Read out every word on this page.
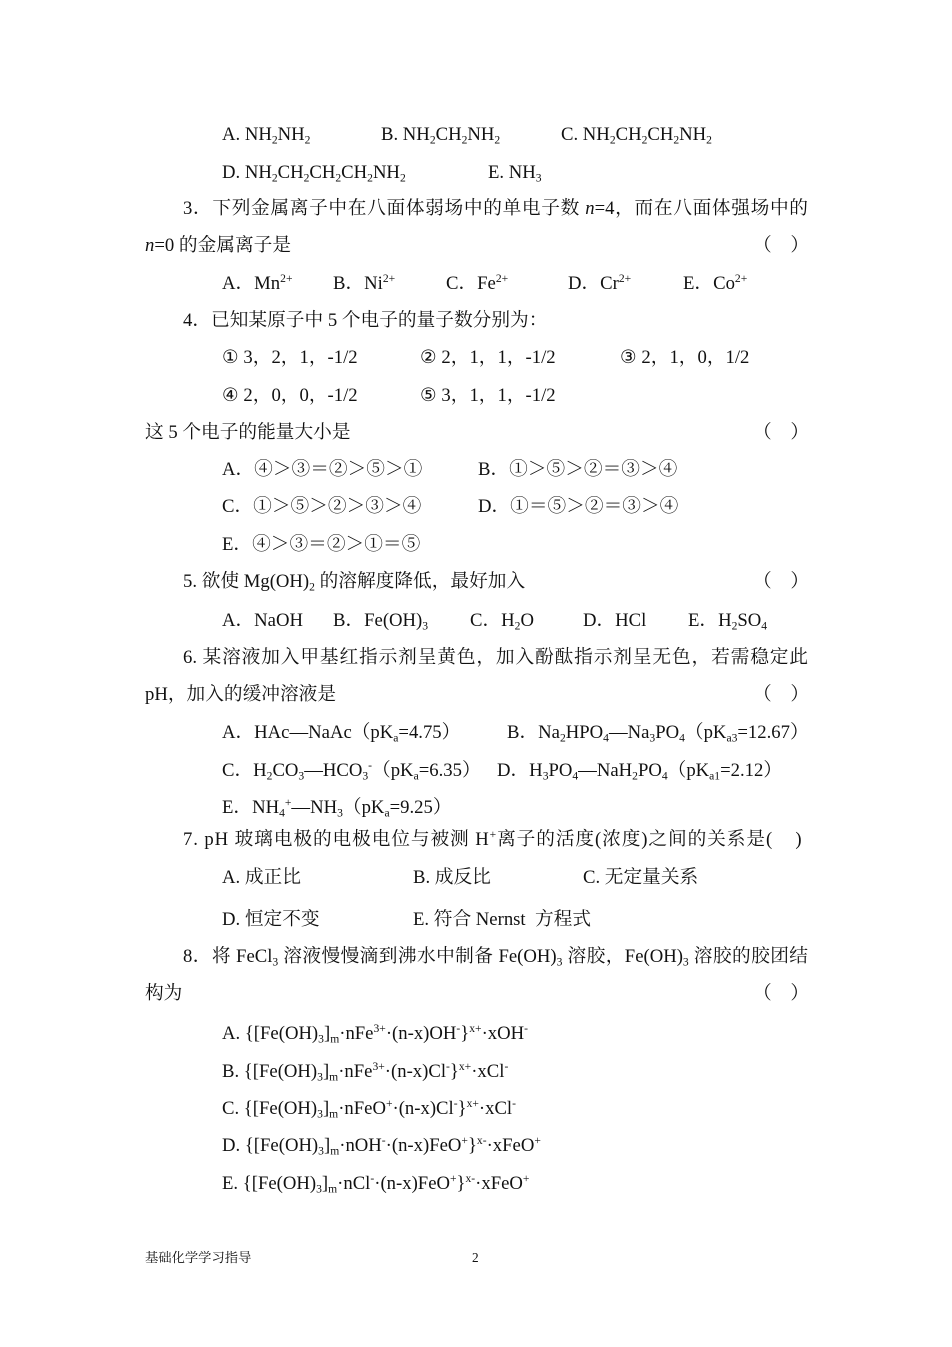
A. $NH_2NH_2$	B. $NH_2CH_2NH_2$	C. $NH_2CH_2CH_2NH_2$
D. $NH_2CH_2CH_2CH_2NH_2$	E. $NH_3$
3．下列金属离子中在八面体弱场中的单电子数 n=4，而在八面体强场中的
n=0 的金属离子是	（    ）
A．$Mn^{2+}$ B．$Ni^{2+}$	C．$Fe^{2+}$	D．$Cr^{2+}$	E．$Co^{2+}$
4．已知某原子中 5 个电子的量子数分别为：
① 3，2，1，-1/2	② 2，1，1，-1/2	③ 2，1，0，1/2
④ 2，0，0，-1/2	⑤ 3，1，1，-1/2
这 5 个电子的能量大小是	（    ）
A．④＞③＝②＞⑤＞①	B．①＞⑤＞②＝③＞④
C．①＞⑤＞②＞③＞④	D．①＝⑤＞②＝③＞④
E．④＞③＝②＞①＝⑤
5. 欲使 $Mg(OH)_2$ 的溶解度降低，最好加入	（    ）
A．NaOH B．$Fe(OH)_3$ C．$H_2O$	D．HCl E．$H_2SO_4$
6. 某溶液加入甲基红指示剂呈黄色，加入酚酞指示剂呈无色，若需稳定此
pH，加入的缓冲溶液是	（    ）
A．$HAc—NaAc(pK_a=4.75)$ B．$Na_2HPO_4—Na_3PO_4(pK_{a3}=12.67)$
C．$H_2CO_3—HCO_3^-(pK_a=6.35)$ D．$H_3PO_4—NaH_2PO_4(pK_{a1}=2.12)$
E．$NH_4^+—NH_3(pK_a=9.25)$
7. pH 玻璃电极的电极电位与被测 H+离子的活度(浓度)之间的关系是(    )
A. 成正比	B. 成反比	C. 无定量关系
D. 恒定不变	E. 符合 Nernst  方程式
8．将 FeCl$_3$ 溶液慢慢滴到沸水中制备 $Fe(OH)_3$ 溶胶，$Fe(OH)_3$ 溶胶的胶团结
构为	（    ）
A. $\{[Fe(OH)_3]_m\cdot nFe^{3+}\cdot(n-x)OH^-\}^{x+}\cdot xOH^-$
B. $\{[Fe(OH)_3]_m\cdot nFe^{3+}\cdot(n-x)Cl^-\}^{x+}\cdot xCl^-$
C. $\{[Fe(OH)_3]_m\cdot nFeO^+\cdot(n-x)Cl^-\}^{x+}\cdot xCl^-$
D. $\{[Fe(OH)_3]_m\cdot nOH^-\cdot(n-x)FeO^+\}^{x-}\cdot xFeO^+$
E. $\{[Fe(OH)_3]_m\cdot nCl^-\cdot(n-x)FeO^+\}^{x-}\cdot xFeO^+$
基础化学学习指导	2
